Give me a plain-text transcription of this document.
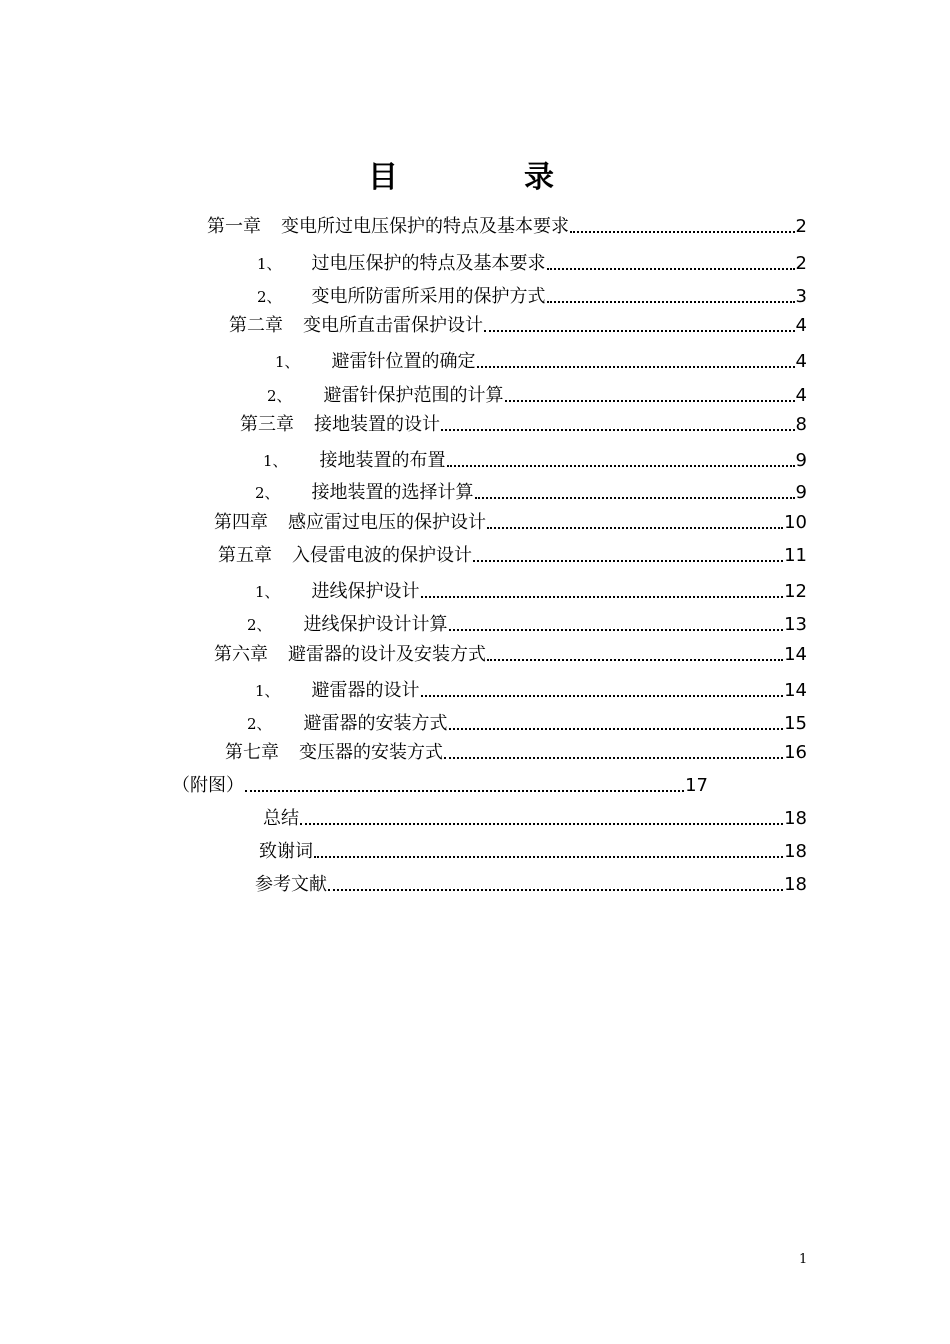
目	录
第一章 变电所过电压保护的特点及基本要求	2
1、 过电压保护的特点及基本要求	2
2、 变电所防雷所采用的保护方式	3
第二章 变电所直击雷保护设计	4
1、 避雷针位置的确定	4
2、 避雷针保护范围的计算	4
第三章 接地装置的设计	8
1、 接地装置的布置	9
2、 接地装置的选择计算	9
第四章 感应雷过电压的保护设计	10
第五章 入侵雷电波的保护设计	11
1、 进线保护设计	12
2、 进线保护设计计算	13
第六章 避雷器的设计及安装方式	14
1、 避雷器的设计	14
2、 避雷器的安装方式	15
第七章 变压器的安装方式	16
（附图）	17
总结	18
致谢词	18
参考文献	18
1
